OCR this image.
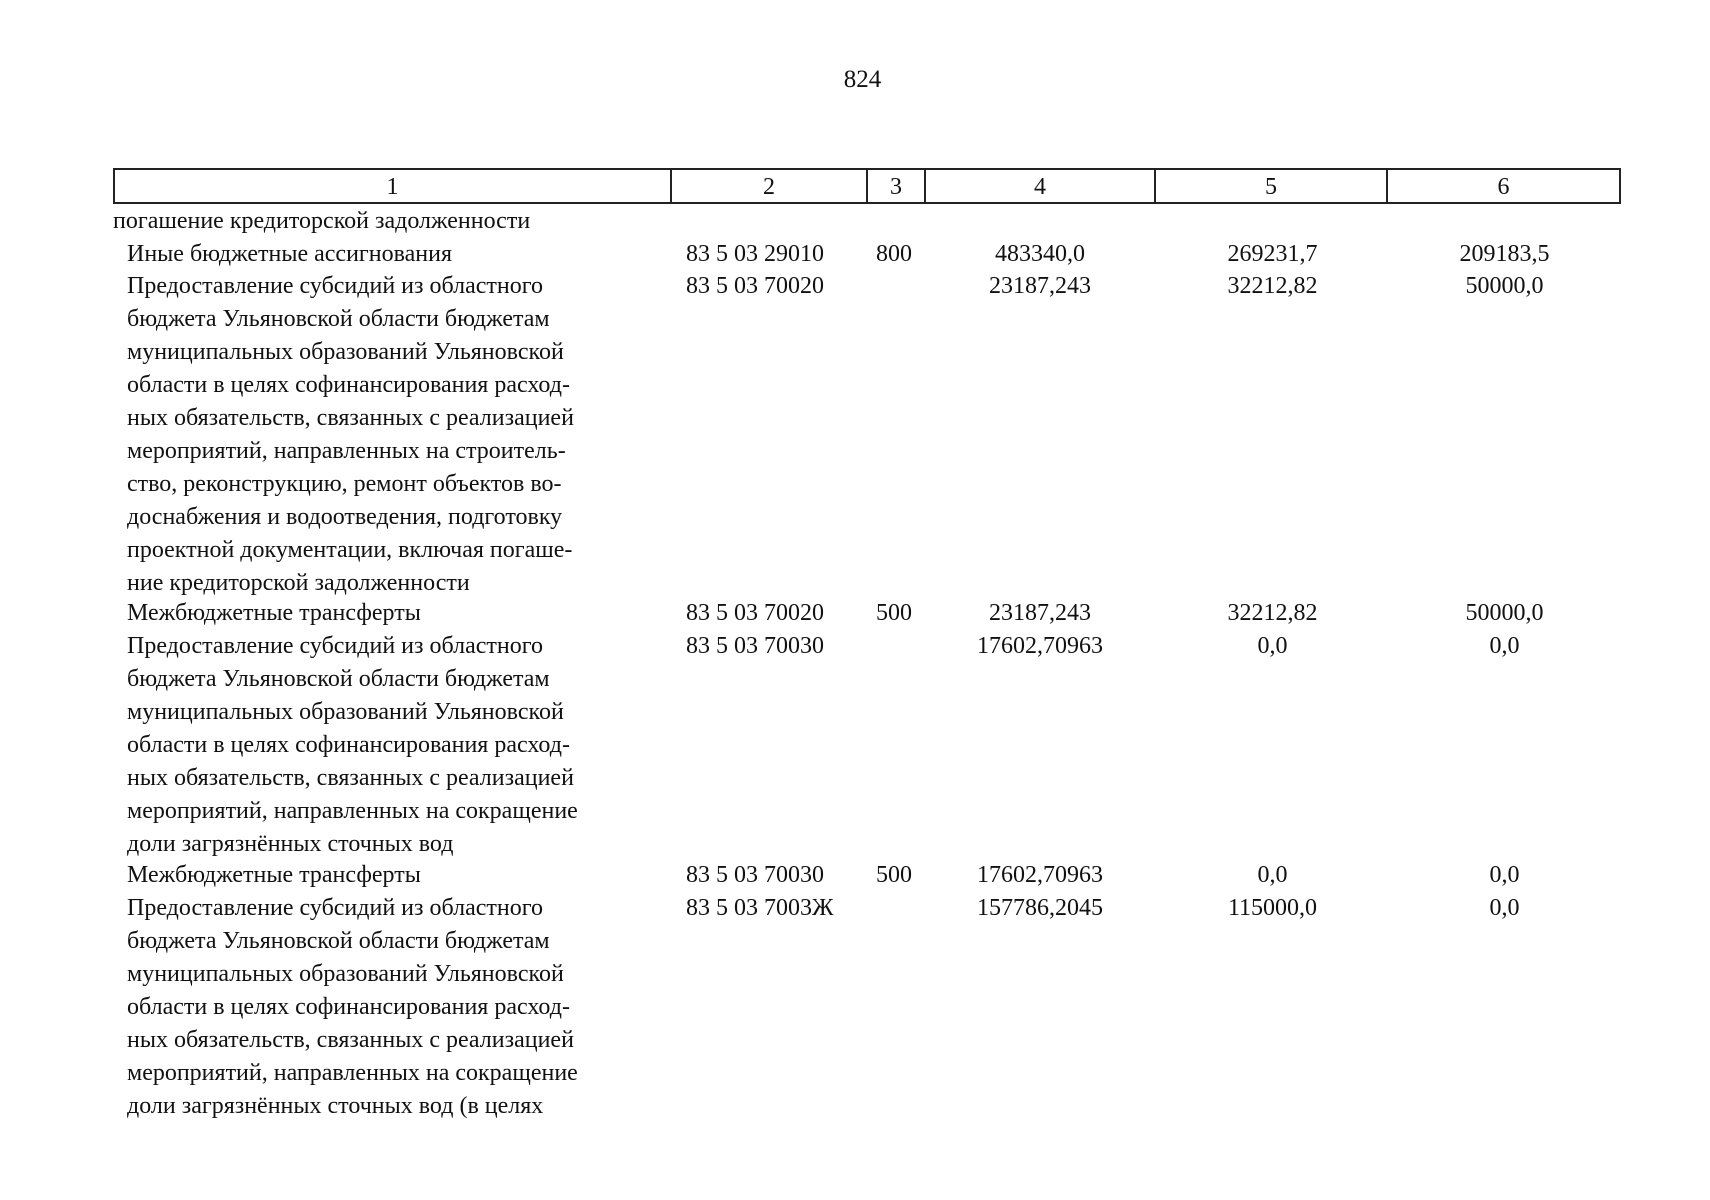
824
1	2	3	4	5	6
погашение кредиторской задолженности
Иные бюджетные ассигнования	83 5 03 29010 800	483340,0	269231,7	209183,5
Предоставление субсидий из областного
бюджета Ульяновской области бюджетам
муниципальных образований Ульяновской
области в целях софинансирования расход-
ных обязательств, связанных с реализацией
мероприятий, направленных на строитель-
ство, реконструкцию, ремонт объектов во-
доснабжения и водоотведения, подготовку
проектной документации, включая погаше-
ние кредиторской задолженности
83 5 03 70020	23187,243	32212,82	50000,0
Межбюджетные трансферты	83 5 03 70020 500	23187,243	32212,82	50000,0
Предоставление субсидий из областного
бюджета Ульяновской области бюджетам
муниципальных образований Ульяновской
области в целях софинансирования расход-
ных обязательств, связанных с реализацией
мероприятий, направленных на сокращение
доли загрязнённых сточных вод
83 5 03 70030	17602,70963	0,0	0,0
Межбюджетные трансферты	83 5 03 70030 500	17602,70963	0,0	0,0
Предоставление субсидий из областного
бюджета Ульяновской области бюджетам
муниципальных образований Ульяновской
области в целях софинансирования расход-
ных обязательств, связанных с реализацией
мероприятий, направленных на сокращение
доли загрязнённых сточных вод (в целях
83 5 03 7003Ж	157786,2045	115000,0	0,0
